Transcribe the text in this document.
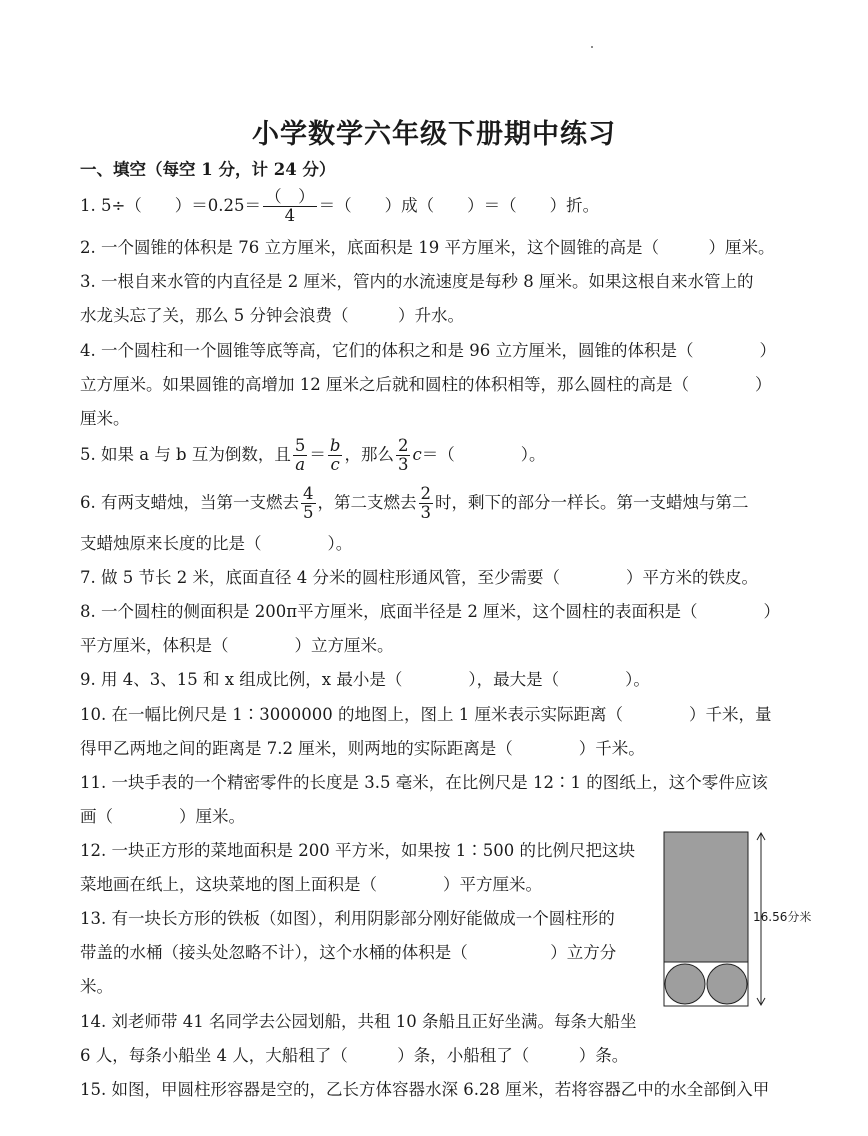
小学数学六年级下册期中练习
一、填空（每空 1 分，计 24 分）
1. 5÷（　　）$=0.25= \frac{( )}{4}$ ＝（　　）成（　　）＝（　　）折。
2. 一个圆锥的体积是 76 立方厘米，底面积是 19 平方厘米，这个圆锥的高是（　　　）厘米。
3. 一根自来水管的内直径是 2 厘米，管内的水流速度是每秒 8 厘米。如果这根自来水管上的
水龙头忘了关，那么 5 分钟会浪费（　　　）升水。
4. 一个圆柱和一个圆锥等底等高，它们的体积之和是 96 立方厘米，圆锥的体积是（　　　　）
立方厘米。如果圆锥的高增加 12 厘米之后就和圆柱的体积相等，那么圆柱的高是（　　　　）
厘米。
5. 如果 a 与 b 互为倒数，且 $\frac{5}{a} = \frac{b}{c}$ ，那么 $\frac{2}{3} c=$（　　　　）。
6. 有两支蜡烛，当第一支燃去 $\frac{4}{5}$ ，第二支燃去 $\frac{2}{3}$ 时，剩下的部分一样长。第一支蜡烛与第二
支蜡烛原来长度的比是（　　　　）。
7. 做 5 节长 2 米，底面直径 4 分米的圆柱形通风管，至少需要（　　　　）平方米的铁皮。
8. 一个圆柱的侧面积是 200π平方厘米，底面半径是 2 厘米，这个圆柱的表面积是（　　　　）
平方厘米，体积是（　　　　）立方厘米。
9. 用 4、3、15 和 x 组成比例，x 最小是（　　　　），最大是（　　　　）。
10. 在一幅比例尺是 1∶3000000 的地图上，图上 1 厘米表示实际距离（　　　　）千米，量
得甲乙两地之间的距离是 7.2 厘米，则两地的实际距离是（　　　　）千米。
11. 一块手表的一个精密零件的长度是 3.5 毫米，在比例尺是 12∶1 的图纸上，这个零件应该
画（　　　　）厘米。
12. 一块正方形的菜地面积是 200 平方米，如果按 1∶500 的比例尺把这块
菜地画在纸上，这块菜地的图上面积是（　　　　）平方厘米。
13. 有一块长方形的铁板（如图），利用阴影部分刚好能做成一个圆柱形的
带盖的水桶（接头处忽略不计），这个水桶的体积是（　　　　　）立方分
米。
14. 刘老师带 41 名同学去公园划船，共租 10 条船且正好坐满。每条大船坐
6 人，每条小船坐 4 人，大船租了（　　　）条，小船租了（　　　）条。
15. 如图，甲圆柱形容器是空的，乙长方体容器水深 6.28 厘米，若将容器乙中的水全部倒入甲
16.56分米
